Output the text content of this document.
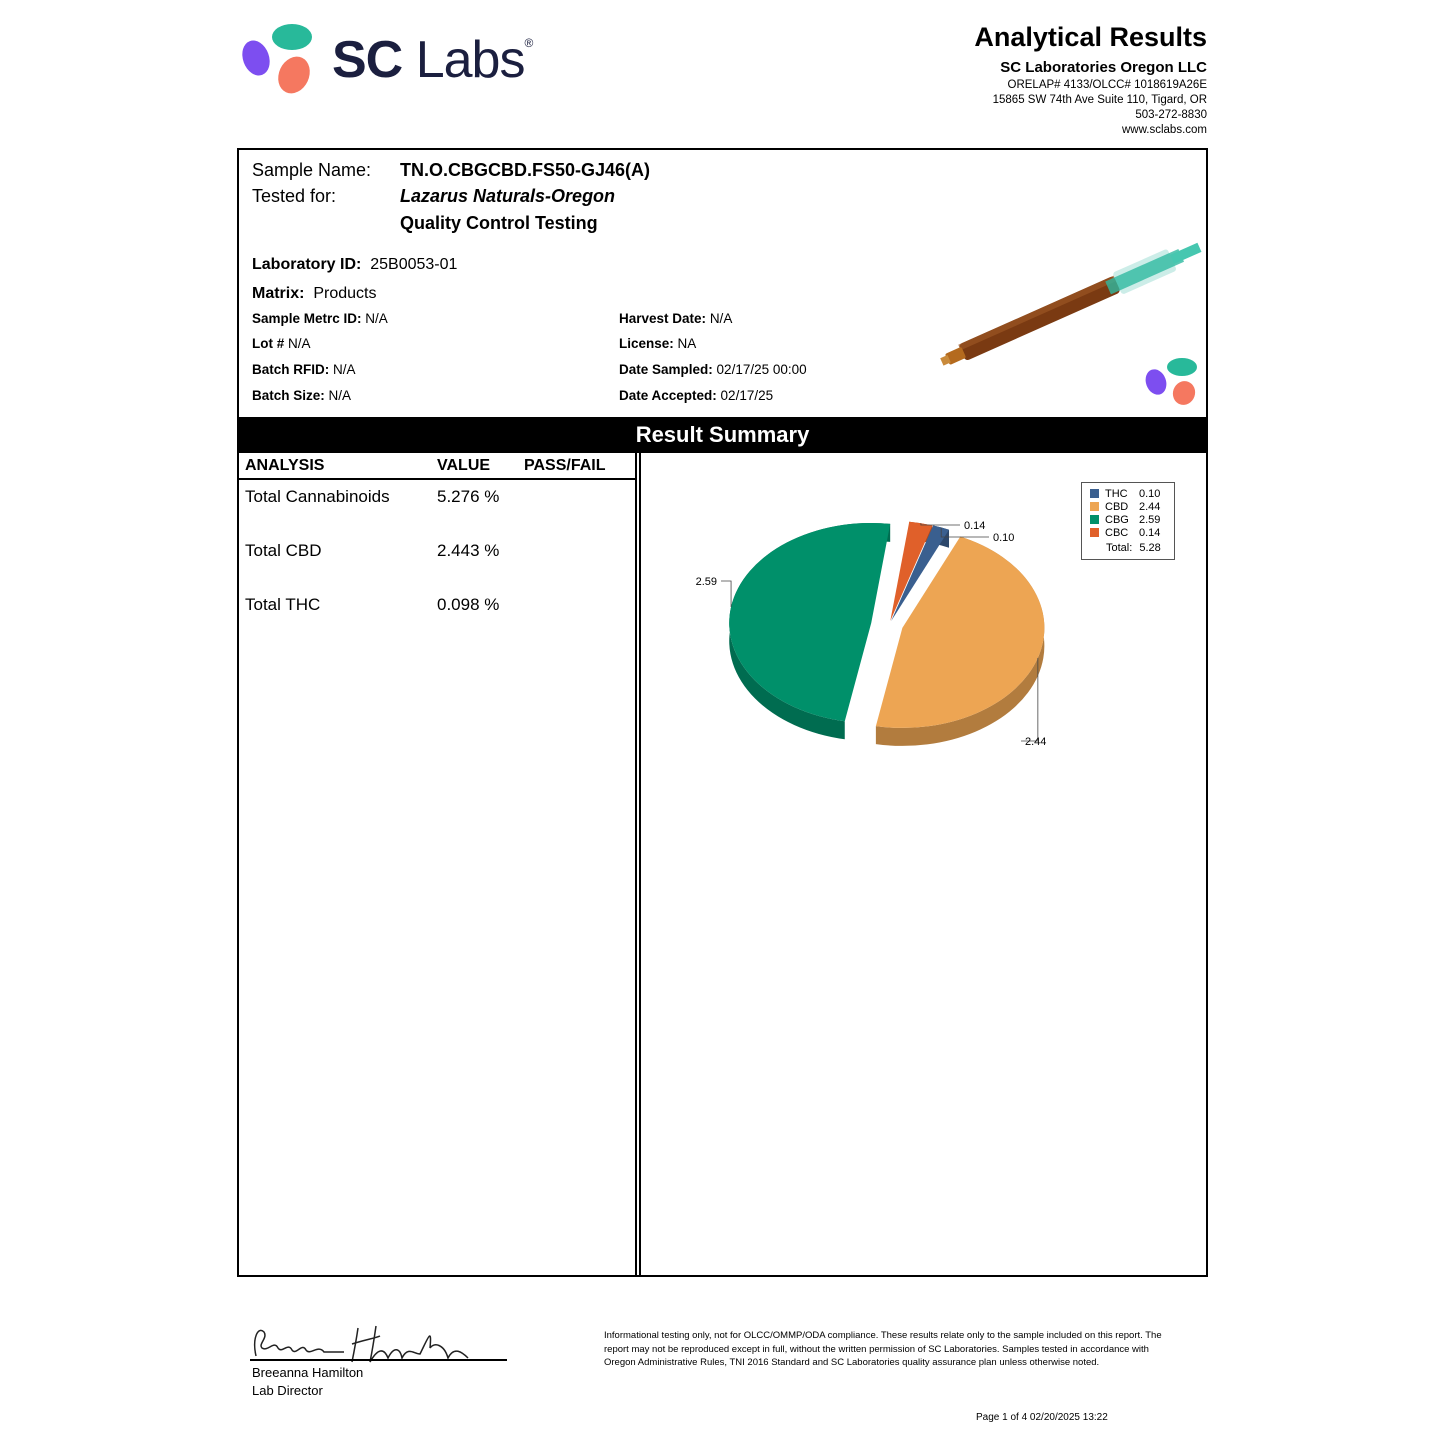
SC Labs®	Analytical Results
SC Laboratories Oregon LLC
ORELAP# 4133/OLCC# 1018619A26E
15865 SW 74th Ave Suite 110, Tigard, OR
503-272-8830
www.sclabs.com
Sample Name: TN.O.CBGCBD.FS50-GJ46(A)
Tested for:	Lazarus Naturals-Oregon
Quality Control Testing
Laboratory ID: 25B0053-01
Matrix: Products
Sample Metrc ID: N/A
Lot # N/A
Batch RFID: N/A
Batch Size: N/A
Harvest Date: N/A
License: NA
Date Sampled: 02/17/25 00:00
Date Accepted: 02/17/25
Result Summary
ANALYSIS	VALUE PASS/FAIL
Total Cannabinoids	5.276 %
Total CBD	2.443 %
Total THC	0.098 %
0.10
0.14
2.59
2.44
THC 0.10
CBD 2.44
CBG 2.59
CBC 0.14
Total: 5.28
Breeanna Hamilton
Lab Director
Informational testing only, not for OLCC/OMMP/ODA compliance. These results relate only to the sample included on this report. The report may not be reproduced except in full, without the written permission of SC Laboratories. Samples tested in accordance with Oregon Administrative Rules, TNI 2016 Standard and SC Laboratories quality assurance plan unless otherwise noted.
Page 1 of 4 02/20/2025 13:22
